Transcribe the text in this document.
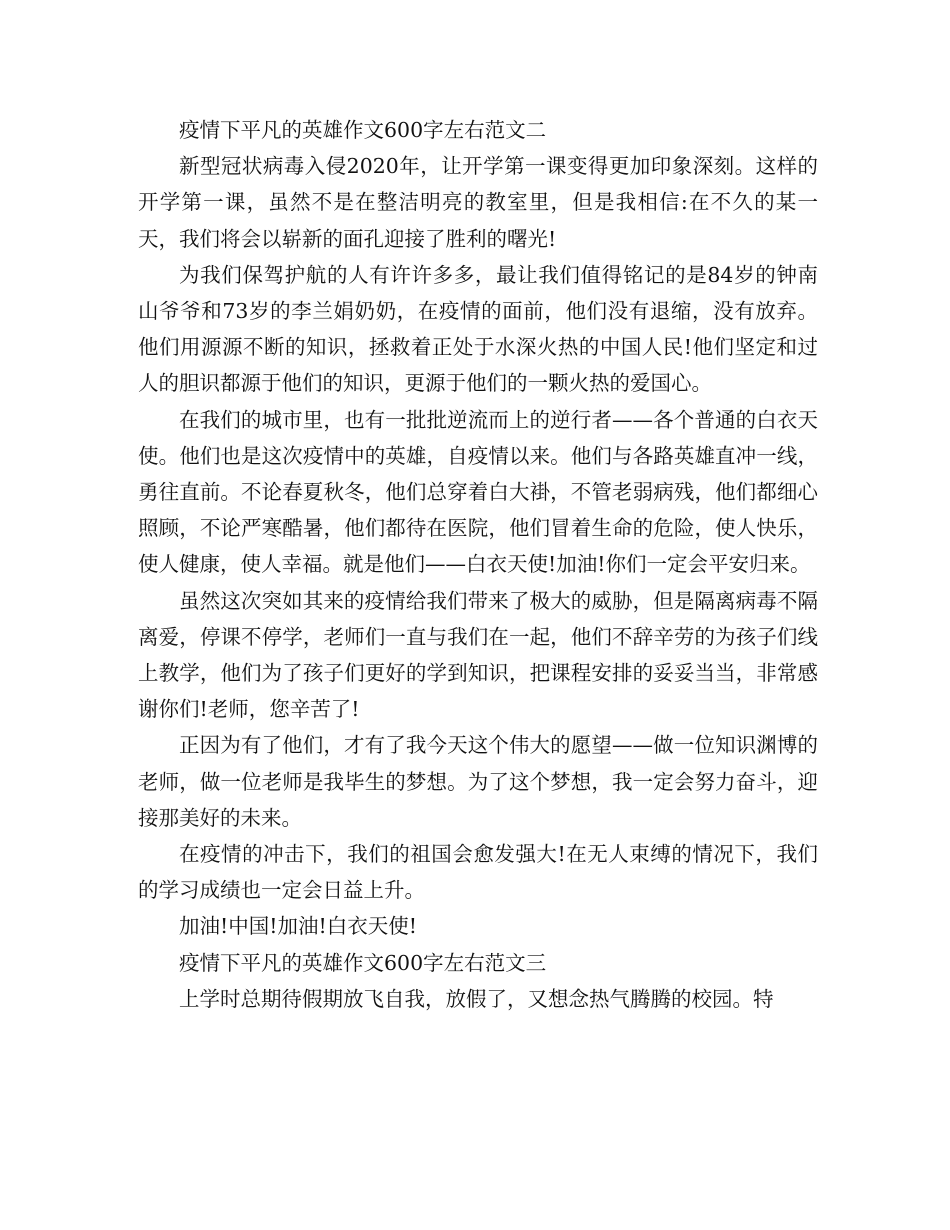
疫情下平凡的英雄作文600字左右范文二

新型冠状病毒入侵2020年，让开学第一课变得更加印象深刻。这样的开学第一课，虽然不是在整洁明亮的教室里，但是我相信:在不久的某一天，我们将会以崭新的面孔迎接了胜利的曙光!

为我们保驾护航的人有许许多多，最让我们值得铭记的是84岁的钟南山爷爷和73岁的李兰娟奶奶，在疫情的面前，他们没有退缩，没有放弃。他们用源源不断的知识，拯救着正处于水深火热的中国人民!他们坚定和过人的胆识都源于他们的知识，更源于他们的一颗火热的爱国心。

在我们的城市里，也有一批批逆流而上的逆行者——各个普通的白衣天使。他们也是这次疫情中的英雄，自疫情以来。他们与各路英雄直冲一线，勇往直前。不论春夏秋冬，他们总穿着白大褂，不管老弱病残，他们都细心照顾，不论严寒酷暑，他们都待在医院，他们冒着生命的危险，使人快乐，使人健康，使人幸福。就是他们——白衣天使!加油!你们一定会平安归来。

虽然这次突如其来的疫情给我们带来了极大的威胁，但是隔离病毒不隔离爱，停课不停学，老师们一直与我们在一起，他们不辞辛劳的为孩子们线上教学，他们为了孩子们更好的学到知识，把课程安排的妥妥当当，非常感谢你们!老师，您辛苦了!

正因为有了他们，才有了我今天这个伟大的愿望——做一位知识渊博的老师，做一位老师是我毕生的梦想。为了这个梦想，我一定会努力奋斗，迎接那美好的未来。

在疫情的冲击下，我们的祖国会愈发强大!在无人束缚的情况下，我们的学习成绩也一定会日益上升。

加油!中国!加油!白衣天使!

疫情下平凡的英雄作文600字左右范文三

上学时总期待假期放飞自我，放假了，又想念热气腾腾的校园。特
